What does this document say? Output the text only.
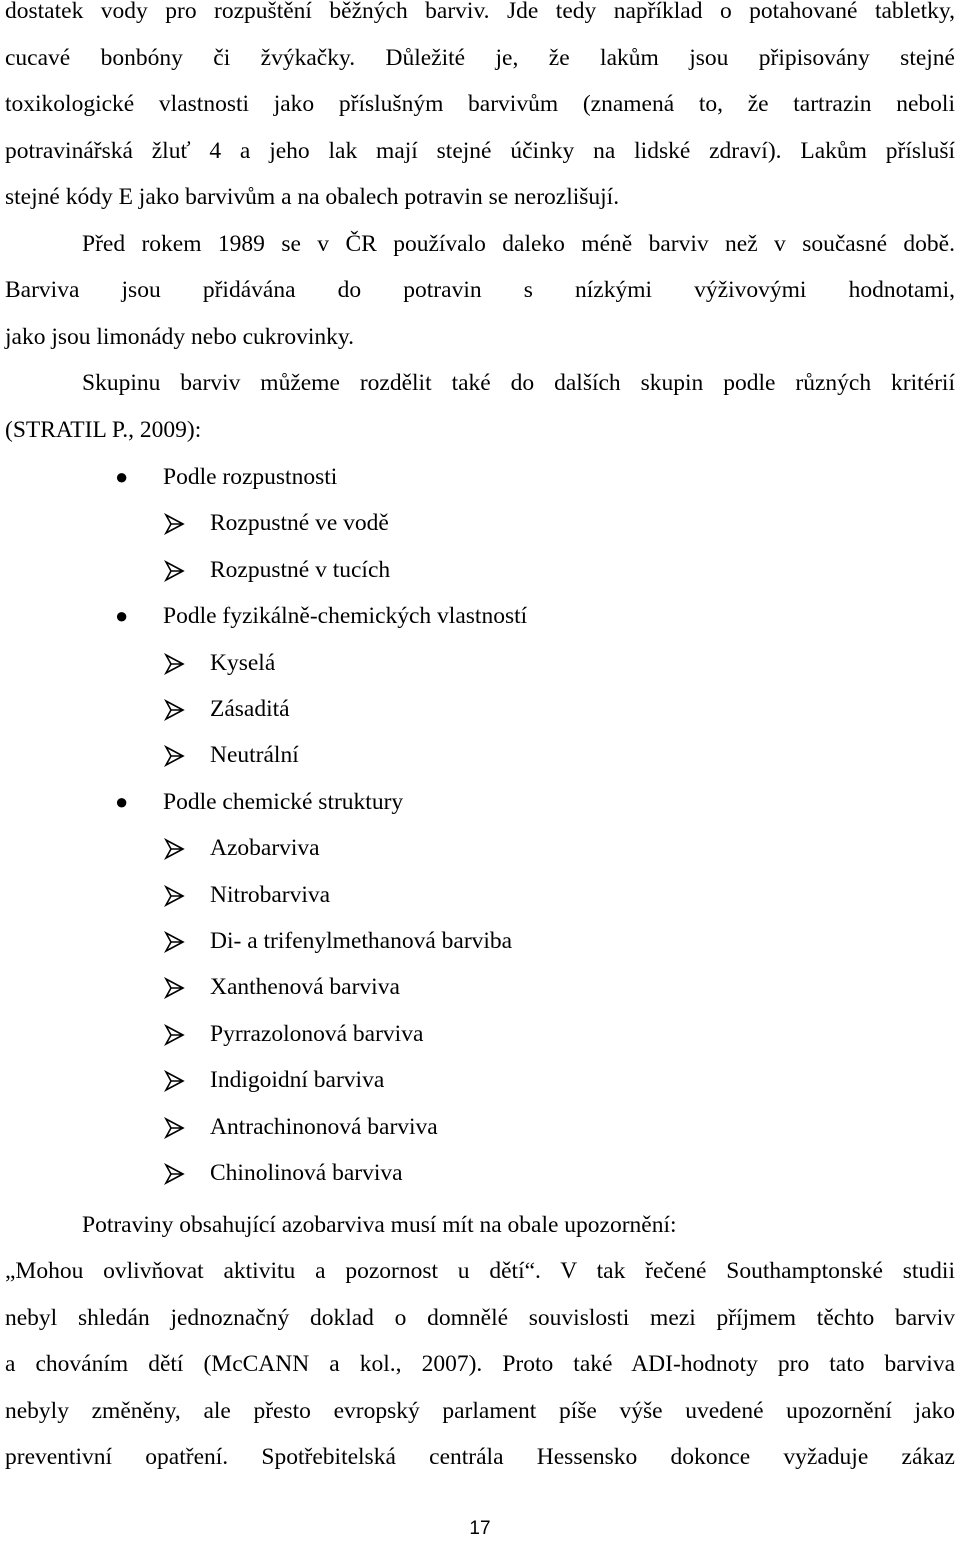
dostatek vody pro rozpuštění běžných barviv. Jde tedy například o potahované tabletky,
cucavé bonbóny či žvýkačky. Důležité je, že lakům jsou připisovány stejné
toxikologické vlastnosti jako příslušným barvivům (znamená to, že tartrazin neboli
potravinářská žluť 4 a jeho lak mají stejné účinky na lidské zdraví). Lakům přísluší
stejné kódy E jako barvivům a na obalech potravin se nerozlišují.
Před rokem 1989 se v ČR používalo daleko méně barviv než v současné době.
Barviva jsou přidávána do potravin s nízkými výživovými hodnotami,
jako jsou limonády nebo cukrovinky.
Skupinu barviv můžeme rozdělit také do dalších skupin podle různých kritérií
(STRATIL P., 2009):
● Podle rozpustnosti
Rozpustné ve vodě
Rozpustné v tucích
● Podle fyzikálně-chemických vlastností
Kyselá
Zásaditá
Neutrální
● Podle chemické struktury
Azobarviva
Nitrobarviva
Di- a trifenylmethanová barviba
Xanthenová barviva
Pyrrazolonová barviva
Indigoidní barviva
Antrachinonová barviva
Chinolinová barviva
Potraviny obsahující azobarviva musí mít na obale upozornění:
„Mohou ovlivňovat aktivitu a pozornost u dětí“. V tak řečené Southamptonské studii
nebyl shledán jednoznačný doklad o domnělé souvislosti mezi příjmem těchto barviv
a chováním dětí (McCANN a kol., 2007). Proto také ADI-hodnoty pro tato barviva
nebyly změněny, ale přesto evropský parlament píše výše uvedené upozornění jako
preventivní opatření. Spotřebitelská centrála Hessensko dokonce vyžaduje zákaz
17
